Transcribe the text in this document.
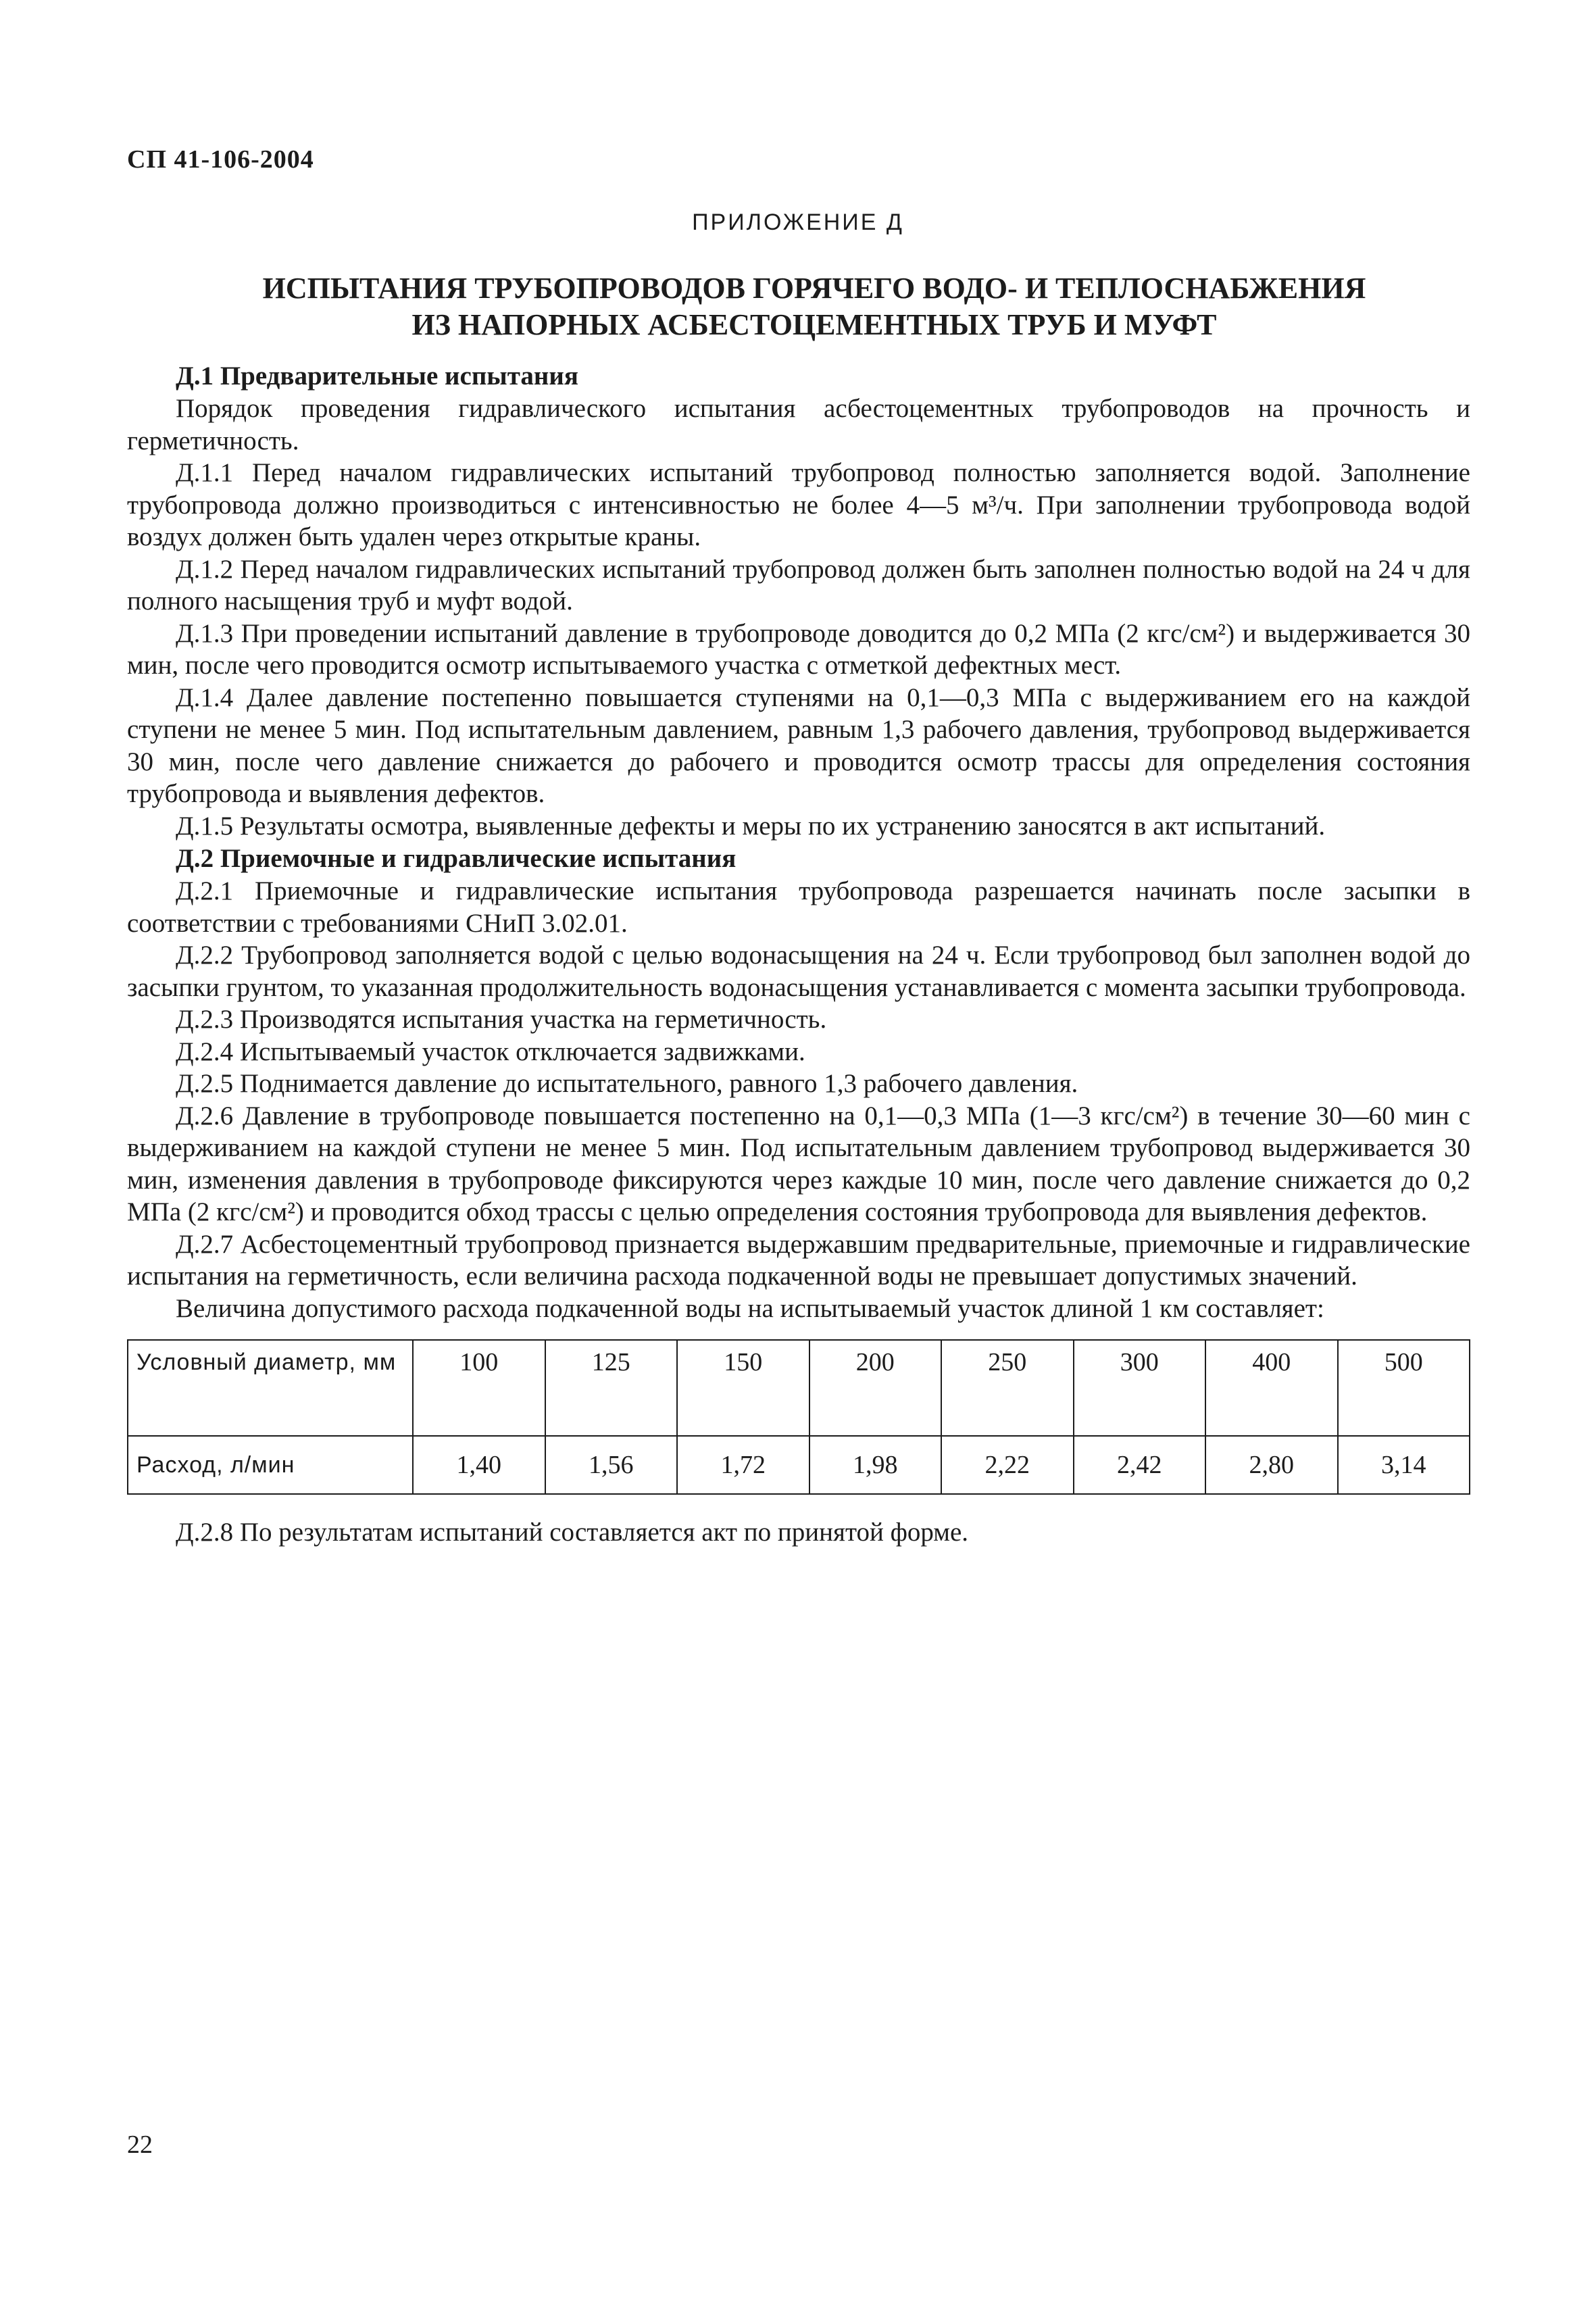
СП 41-106-2004
ПРИЛОЖЕНИЕ Д
ИСПЫТАНИЯ ТРУБОПРОВОДОВ ГОРЯЧЕГО ВОДО- И ТЕПЛОСНАБЖЕНИЯ
ИЗ НАПОРНЫХ АСБЕСТОЦЕМЕНТНЫХ ТРУБ И МУФТ
Д.1 Предварительные испытания

Порядок проведения гидравлического испытания асбестоцементных трубопроводов на прочность и герметичность.

Д.1.1 Перед началом гидравлических испытаний трубопровод полностью заполняется водой. Заполнение трубопровода должно производиться с интенсивностью не более 4—5 м³/ч. При заполнении трубопровода водой воздух должен быть удален через открытые краны.

Д.1.2 Перед началом гидравлических испытаний трубопровод должен быть заполнен полностью водой на 24 ч для полного насыщения труб и муфт водой.

Д.1.3 При проведении испытаний давление в трубопроводе доводится до 0,2 МПа (2 кгс/см²) и выдерживается 30 мин, после чего проводится осмотр испытываемого участка с отметкой дефектных мест.

Д.1.4 Далее давление постепенно повышается ступенями на 0,1—0,3 МПа с выдерживанием его на каждой ступени не менее 5 мин. Под испытательным давлением, равным 1,3 рабочего давления, трубопровод выдерживается 30 мин, после чего давление снижается до рабочего и проводится осмотр трассы для определения состояния трубопровода и выявления дефектов.

Д.1.5 Результаты осмотра, выявленные дефекты и меры по их устранению заносятся в акт испытаний.

Д.2 Приемочные и гидравлические испытания

Д.2.1 Приемочные и гидравлические испытания трубопровода разрешается начинать после засыпки в соответствии с требованиями СНиП 3.02.01.

Д.2.2 Трубопровод заполняется водой с целью водонасыщения на 24 ч. Если трубопровод был заполнен водой до засыпки грунтом, то указанная продолжительность водонасыщения устанавливается с момента засыпки трубопровода.

Д.2.3 Производятся испытания участка на герметичность.

Д.2.4 Испытываемый участок отключается задвижками.

Д.2.5 Поднимается давление до испытательного, равного 1,3 рабочего давления.

Д.2.6 Давление в трубопроводе повышается постепенно на 0,1—0,3 МПа (1—3 кгс/см²) в течение 30—60 мин с выдерживанием на каждой ступени не менее 5 мин. Под испытательным давлением трубопровод выдерживается 30 мин, изменения давления в трубопроводе фиксируются через каждые 10 мин, после чего давление снижается до 0,2 МПа (2 кгс/см²) и проводится обход трассы с целью определения состояния трубопровода для выявления дефектов.

Д.2.7 Асбестоцементный трубопровод признается выдержавшим предварительные, приемочные и гидравлические испытания на герметичность, если величина расхода подкаченной воды не превышает допустимых значений.

Величина допустимого расхода подкаченной воды на испытываемый участок длиной 1 км составляет:

Условный диаметр, мм	100	125	150	200	250	300	400	500
Расход, л/мин	1,40	1,56	1,72	1,98	2,22	2,42	2,80	3,14

Д.2.8 По результатам испытаний составляется акт по принятой форме.

22
